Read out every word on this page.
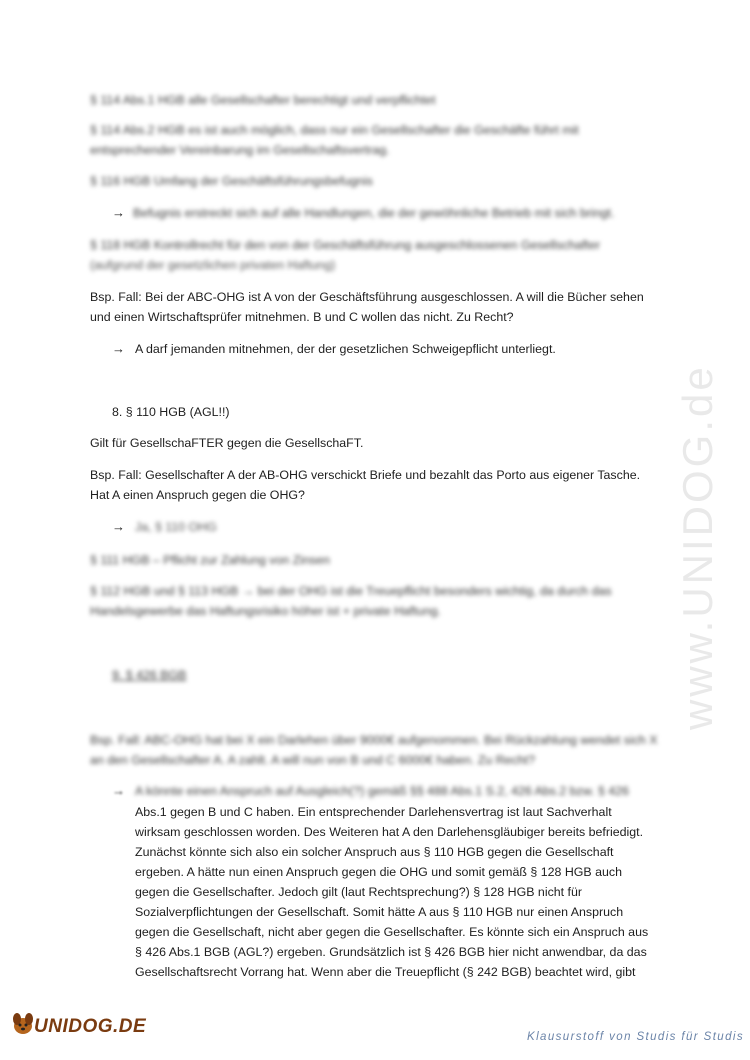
§ 114 Abs.1 HGB alle Gesellschafter berechtigt und verpflichtet
§ 114 Abs.2 HGB es ist auch möglich, dass nur ein Gesellschafter die Geschäfte führt mit
entsprechender Vereinbarung im Gesellschaftsvertrag.
§ 116 HGB Umfang der Geschäftsführungsbefugnis
→ Befugnis erstreckt sich auf alle Handlungen, die der gewöhnliche Betrieb mit sich bringt.
§ 118 HGB Kontrollrecht für den von der Geschäftsführung ausgeschlossenen Gesellschafter
(aufgrund der gesetzlichen privaten Haftung)
Bsp. Fall: Bei der ABC-OHG ist A von der Geschäftsführung ausgeschlossen. A will die Bücher sehen
und einen Wirtschaftsprüfer mitnehmen. B und C wollen das nicht. Zu Recht?
→ A darf jemanden mitnehmen, der der gesetzlichen Schweigepflicht unterliegt.
8. § 110 HGB (AGL!!)
Gilt für GesellschaFTER gegen die GesellschaFT.
Bsp. Fall: Gesellschafter A der AB-OHG verschickt Briefe und bezahlt das Porto aus eigener Tasche.
Hat A einen Anspruch gegen die OHG?
→ Ja, § 110 OHG
§ 111 HGB – Pflicht zur Zahlung von Zinsen
§ 112 HGB und § 113 HGB → bei der OHG ist die Treuepflicht besonders wichtig, da durch das
Handelsgewerbe das Haftungsrisiko höher ist + private Haftung.
9. § 426 BGB
Bsp. Fall: ABC-OHG hat bei X ein Darlehen über 9000€ aufgenommen. Bei Rückzahlung wendet sich X
an den Gesellschafter A. A zahlt. A will nun von B und C 6000€ haben. Zu Recht?
→ A könnte einen Anspruch auf Ausgleich(?) gemäß §§ 488 Abs.1 S.2, 426 Abs.2 bzw. § 426
Abs.1 gegen B und C haben. Ein entsprechender Darlehensvertrag ist laut Sachverhalt
wirksam geschlossen worden. Des Weiteren hat A den Darlehensgläubiger bereits befriedigt.
Zunächst könnte sich also ein solcher Anspruch aus § 110 HGB gegen die Gesellschaft
ergeben. A hätte nun einen Anspruch gegen die OHG und somit gemäß § 128 HGB auch
gegen die Gesellschafter. Jedoch gilt (laut Rechtsprechung?) § 128 HGB nicht für
Sozialverpflichtungen der Gesellschaft. Somit hätte A aus § 110 HGB nur einen Anspruch
gegen die Gesellschaft, nicht aber gegen die Gesellschafter. Es könnte sich ein Anspruch aus
§ 426 Abs.1 BGB (AGL?) ergeben. Grundsätzlich ist § 426 BGB hier nicht anwendbar, da das
Gesellschaftsrecht Vorrang hat. Wenn aber die Treuepflicht (§ 242 BGB) beachtet wird, gibt
www.UNIDOG.de
UNIDOG.DE	Klausurstoff von Studis für Studis
